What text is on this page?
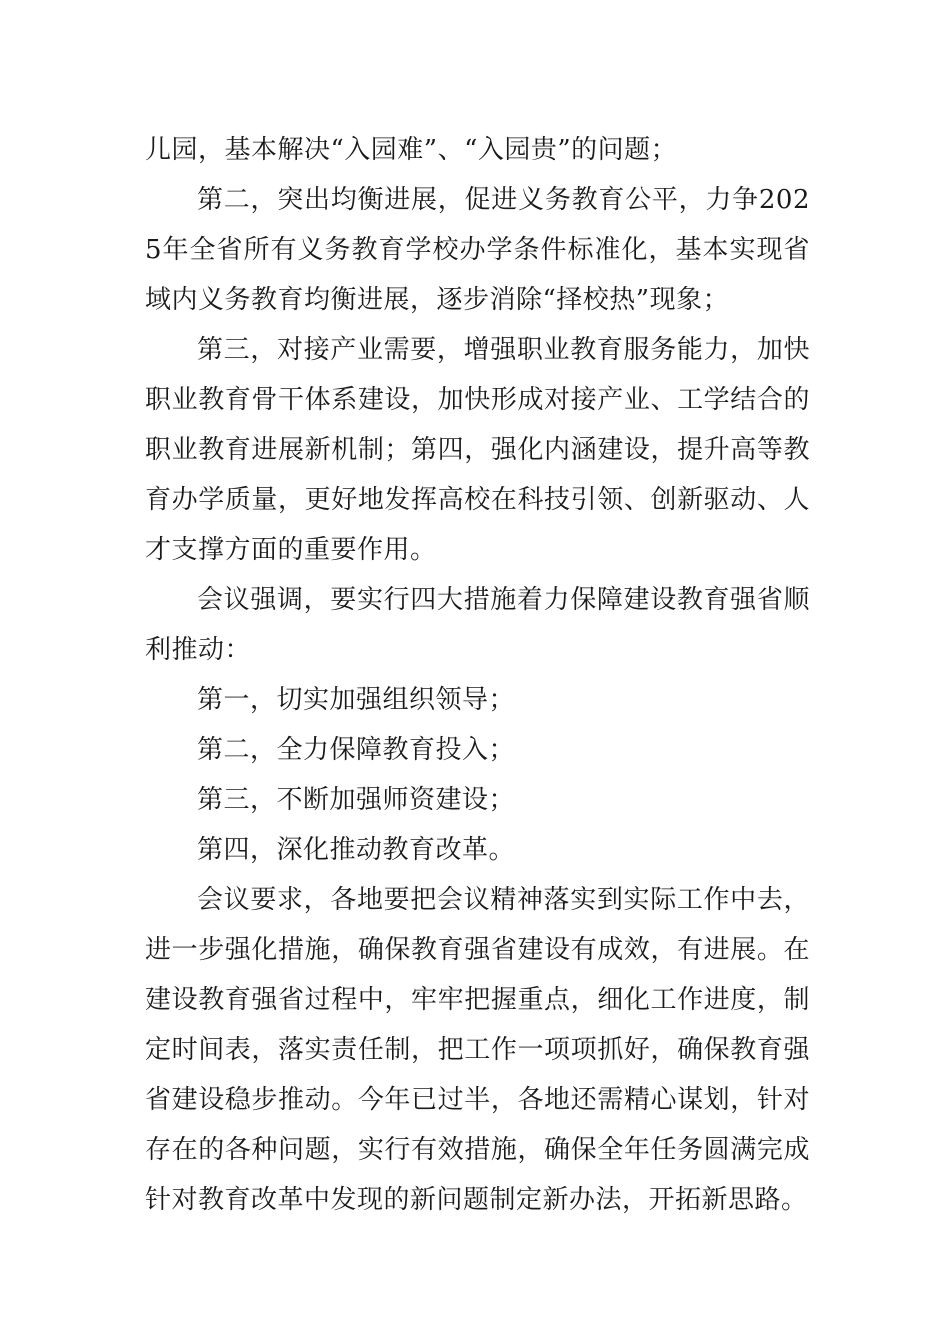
儿园，基本解决“入园难”、“入园贵”的问题；

第二，突出均衡进展，促进义务教育公平，力争2025年全省所有义务教育学校办学条件标准化，基本实现省域内义务教育均衡进展，逐步消除“择校热”现象；

第三，对接产业需要，增强职业教育服务能力，加快职业教育骨干体系建设，加快形成对接产业、工学结合的职业教育进展新机制；第四，强化内涵建设，提升高等教育办学质量，更好地发挥高校在科技引领、创新驱动、人才支撑方面的重要作用。

会议强调，要实行四大措施着力保障建设教育强省顺利推动：

第一，切实加强组织领导；

第二，全力保障教育投入；

第三，不断加强师资建设；

第四，深化推动教育改革。

会议要求，各地要把会议精神落实到实际工作中去，进一步强化措施，确保教育强省建设有成效，有进展。在建设教育强省过程中，牢牢把握重点，细化工作进度，制定时间表，落实责任制，把工作一项项抓好，确保教育强省建设稳步推动。今年已过半，各地还需精心谋划，针对存在的各种问题，实行有效措施，确保全年任务圆满完成针对教育改革中发现的新问题制定新办法，开拓新思路。
